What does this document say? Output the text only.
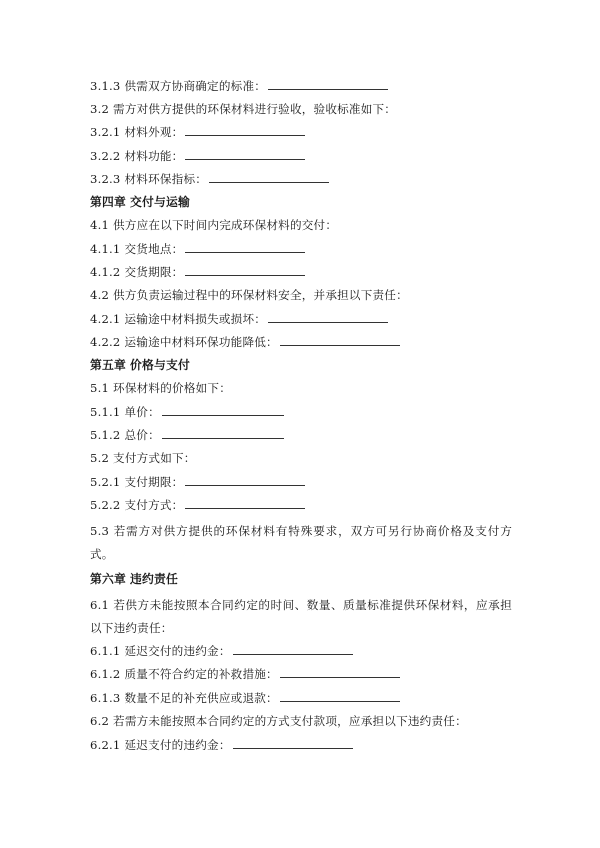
3.1.3 供需双方协商确定的标准：
3.2 需方对供方提供的环保材料进行验收，验收标准如下：
3.2.1 材料外观：
3.2.2 材料功能：
3.2.3 材料环保指标：
第四章 交付与运输
4.1 供方应在以下时间内完成环保材料的交付：
4.1.1 交货地点：
4.1.2 交货期限：
4.2 供方负责运输过程中的环保材料安全，并承担以下责任：
4.2.1 运输途中材料损失或损坏：
4.2.2 运输途中材料环保功能降低：
第五章 价格与支付
5.1 环保材料的价格如下：
5.1.1 单价：
5.1.2 总价：
5.2 支付方式如下：
5.2.1 支付期限：
5.2.2 支付方式：
5.3 若需方对供方提供的环保材料有特殊要求，双方可另行协商价格及支付方式。
第六章 违约责任
6.1 若供方未能按照本合同约定的时间、数量、质量标准提供环保材料，应承担以下违约责任：
6.1.1 延迟交付的违约金：
6.1.2 质量不符合约定的补救措施：
6.1.3 数量不足的补充供应或退款：
6.2 若需方未能按照本合同约定的方式支付款项，应承担以下违约责任：
6.2.1 延迟支付的违约金：
